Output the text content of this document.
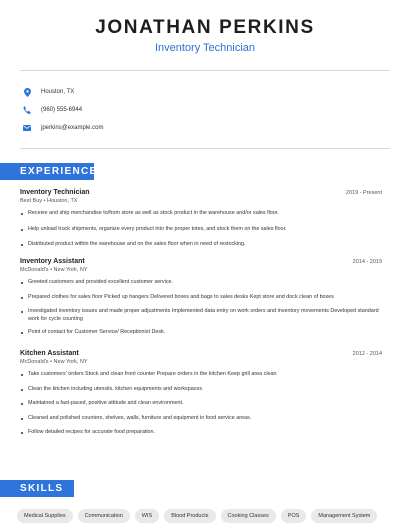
JONATHAN PERKINS
Inventory Technician
Houston, TX
(960) 555-6944
jperkins@example.com
EXPERIENCE
Inventory Technician	2019 - Present
Best Buy • Houston, TX
Receive and ship merchandise to/from store as well as stock product in the warehouse and/or sales floor.
Help unload truck shipments, organize every product into the proper totes, and stock them on the sales floor.
Distributed product within the warehouse and on the sales floor when in need of restocking.
Inventory Assistant	2014 - 2019
McDonald's • New York, NY
Greeted customers and provided excellent customer service.
Prepared clothes for sales floor Picked up hangers Delivered boxes and bags to sales desks Kept store and dock clean of boxes
Investigated inventory issues and made proper adjustments Implemented data entry on work orders and inventory movements Developed standard work for cycle counting
Point of contact for Customer Service/ Receptionist Desk.
Kitchen Assistant	2012 - 2014
McDonald's • New York, NY
Take customers' orders Stock and clean front counter Prepare orders in the kitchen Keep grill area clean
Clean the kitchen including utensils, kitchen equipments and workspaces
Maintained a fast-paced, positive attitude and clean environment.
Cleaned and polished counters, shelves, walls, furniture and equipment in food service areas.
Follow detailed recipes for accurate food preparation.
SKILLS
Medical Supplies	Communication	WIS	Blood Products	Cooking Classes	POS	Management System
